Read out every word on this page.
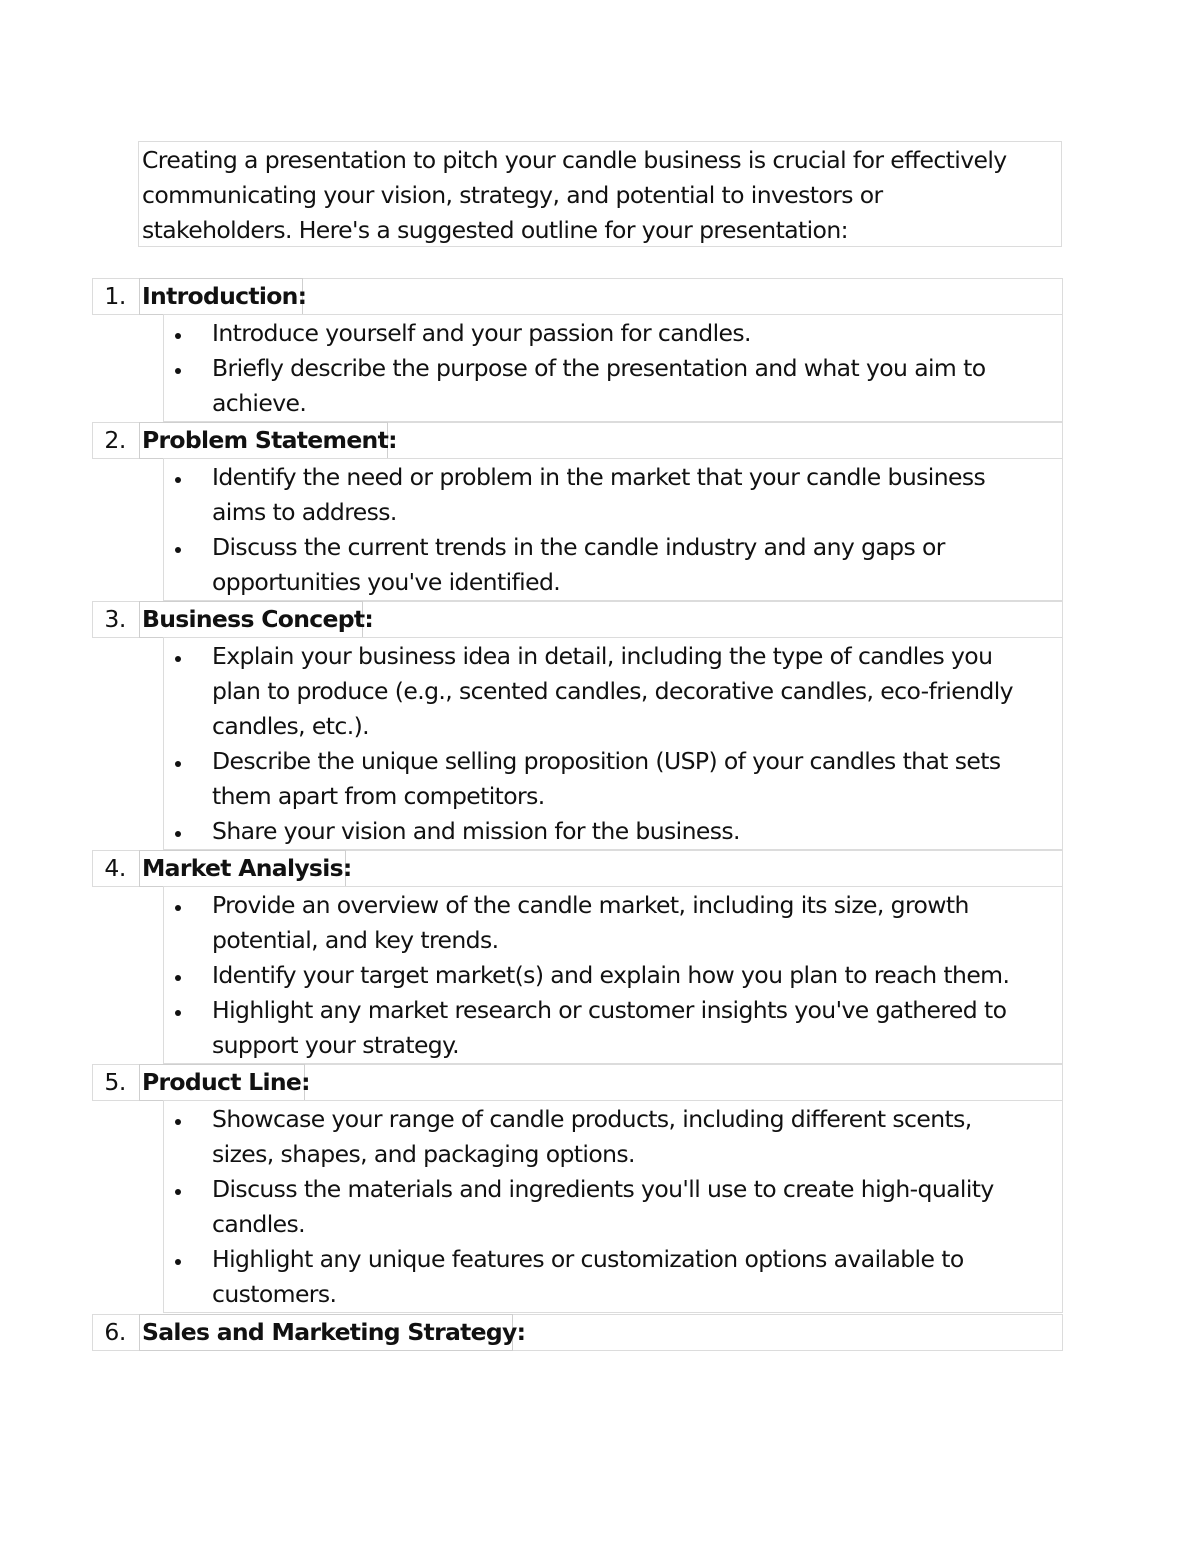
Creating a presentation to pitch your candle business is crucial for effectively
communicating your vision, strategy, and potential to investors or
stakeholders. Here's a suggested outline for your presentation:
1. Introduction:
Introduce yourself and your passion for candles.
Briefly describe the purpose of the presentation and what you aim to
achieve.
2. Problem Statement:
Identify the need or problem in the market that your candle business
aims to address.
Discuss the current trends in the candle industry and any gaps or
opportunities you've identified.
3. Business Concept:
Explain your business idea in detail, including the type of candles you
plan to produce (e.g., scented candles, decorative candles, eco-friendly
candles, etc.).
Describe the unique selling proposition (USP) of your candles that sets
them apart from competitors.
Share your vision and mission for the business.
4. Market Analysis:
Provide an overview of the candle market, including its size, growth
potential, and key trends.
Identify your target market(s) and explain how you plan to reach them.
Highlight any market research or customer insights you've gathered to
support your strategy.
5. Product Line:
Showcase your range of candle products, including different scents,
sizes, shapes, and packaging options.
Discuss the materials and ingredients you'll use to create high-quality
candles.
Highlight any unique features or customization options available to
customers.
6. Sales and Marketing Strategy:
